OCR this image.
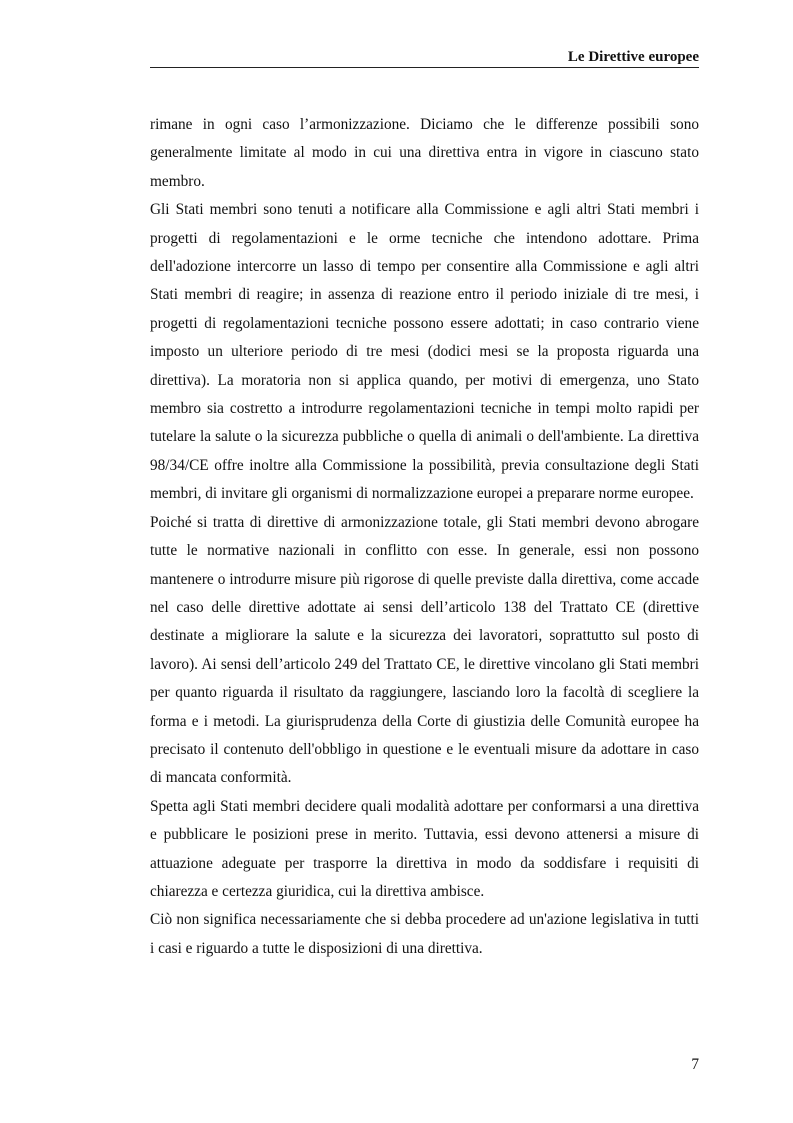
Le Direttive europee

rimane in ogni caso l’armonizzazione. Diciamo che le differenze possibili sono generalmente limitate al modo in cui una direttiva entra in vigore in ciascuno stato membro.

Gli Stati membri sono tenuti a notificare alla Commissione e agli altri Stati membri i progetti di regolamentazioni e le orme tecniche che intendono adottare. Prima dell'adozione intercorre un lasso di tempo per consentire alla Commissione e agli altri Stati membri di reagire; in assenza di reazione entro il periodo iniziale di tre mesi, i progetti di regolamentazioni tecniche possono essere adottati; in caso contrario viene imposto un ulteriore periodo di tre mesi (dodici mesi se la proposta riguarda una direttiva). La moratoria non si applica quando, per motivi di emergenza, uno Stato membro sia costretto a introdurre regolamentazioni tecniche in tempi molto rapidi per tutelare la salute o la sicurezza pubbliche o quella di animali o dell'ambiente. La direttiva 98/34/CE offre inoltre alla Commissione la possibilità, previa consultazione degli Stati membri, di invitare gli organismi di normalizzazione europei a preparare norme europee.

Poiché si tratta di direttive di armonizzazione totale, gli Stati membri devono abrogare tutte le normative nazionali in conflitto con esse. In generale, essi non possono mantenere o introdurre misure più rigorose di quelle previste dalla direttiva, come accade nel caso delle direttive adottate ai sensi dell’articolo 138 del Trattato CE (direttive destinate a migliorare la salute e la sicurezza dei lavoratori, soprattutto sul posto di lavoro). Ai sensi dell’articolo 249 del Trattato CE, le direttive vincolano gli Stati membri per quanto riguarda il risultato da raggiungere, lasciando loro la facoltà di scegliere la forma e i metodi. La giurisprudenza della Corte di giustizia delle Comunità europee ha precisato il contenuto dell'obbligo in questione e le eventuali misure da adottare in caso di mancata conformità.

Spetta agli Stati membri decidere quali modalità adottare per conformarsi a una direttiva e pubblicare le posizioni prese in merito. Tuttavia, essi devono attenersi a misure di attuazione adeguate per trasporre la direttiva in modo da soddisfare i requisiti di chiarezza e certezza giuridica, cui la direttiva ambisce.

Ciò non significa necessariamente che si debba procedere ad un'azione legislativa in tutti i casi e riguardo a tutte le disposizioni di una direttiva.

7
